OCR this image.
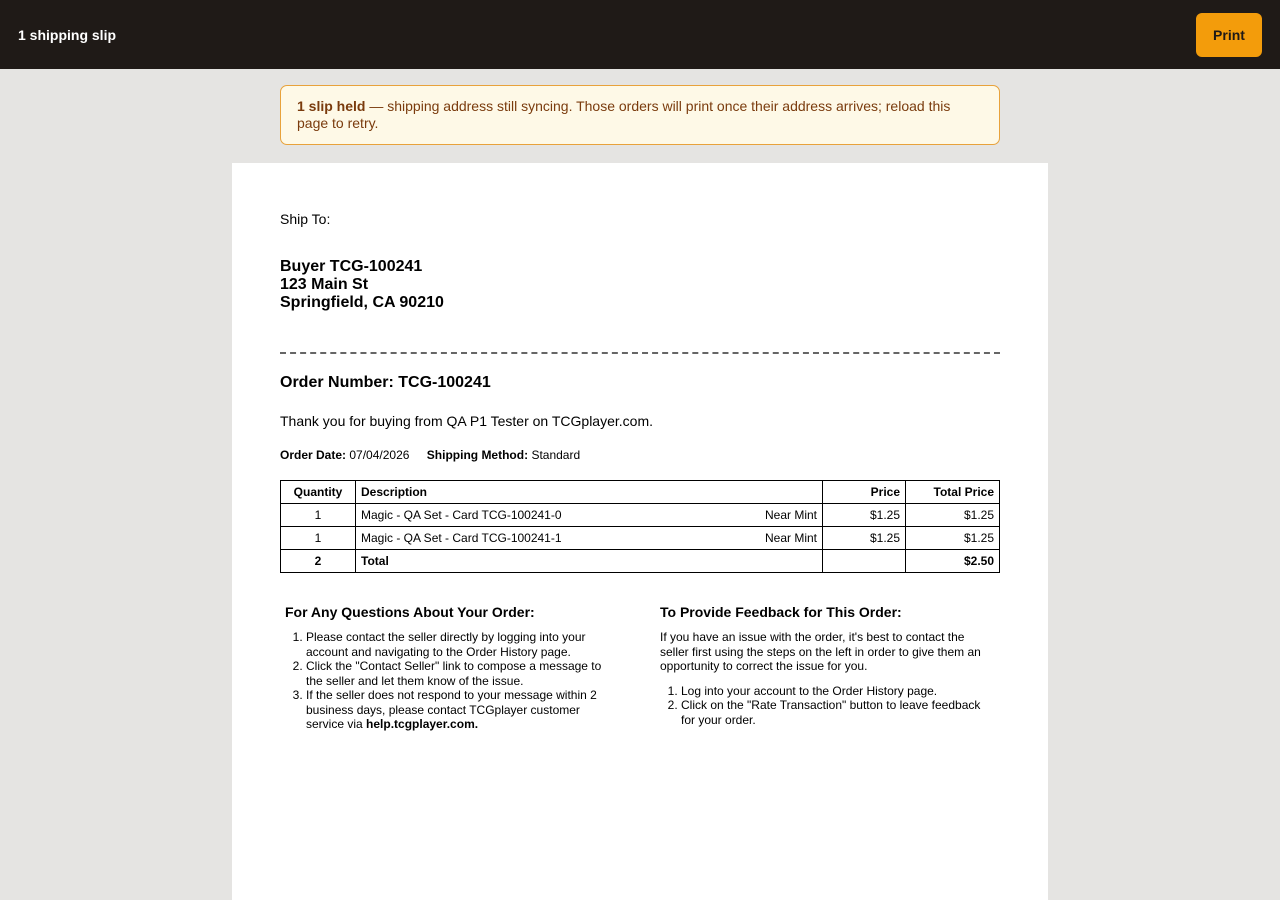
1 shipping slip	Print
1 slip held — shipping address still syncing. Those orders will print once their address arrives; reload this page to retry.
Ship To:
Buyer TCG-100241
123 Main St
Springfield, CA 90210
Order Number: TCG-100241
Thank you for buying from QA P1 Tester on TCGplayer.com.
Order Date: 07/04/2026 Shipping Method: Standard
Quantity	Description	Price	Total Price
1	Magic - QA Set - Card TCG-100241-0 Near Mint	$1.25	$1.25
1	Magic - QA Set - Card TCG-100241-1 Near Mint	$1.25	$1.25
2	Total		$2.50
For Any Questions About Your Order:
1. Please contact the seller directly by logging into your account and navigating to the Order History page.
2. Click the "Contact Seller" link to compose a message to the seller and let them know of the issue.
3. If the seller does not respond to your message within 2 business days, please contact TCGplayer customer service via help.tcgplayer.com.
To Provide Feedback for This Order:

If you have an issue with the order, it's best to contact the seller first using the steps on the left in order to give them an opportunity to correct the issue for you.

1. Log into your account to the Order History page.
2. Click on the "Rate Transaction" button to leave feedback for your order.
